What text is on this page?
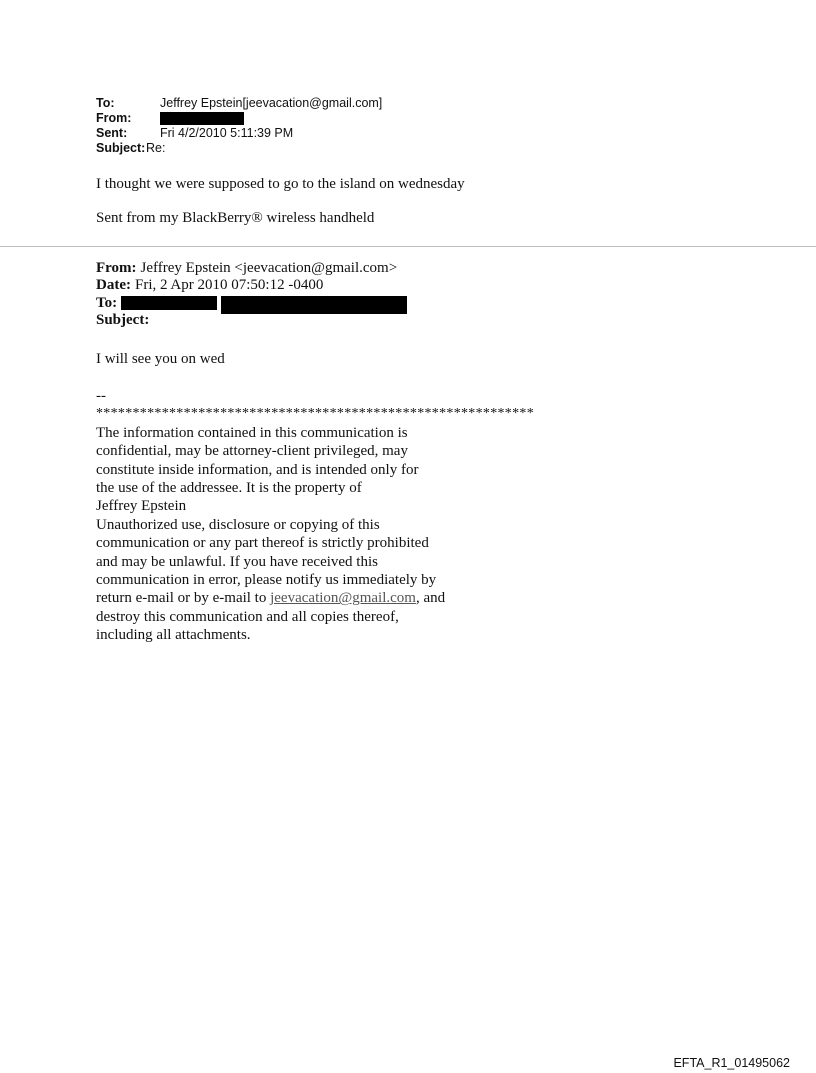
To:	Jeffrey Epstein[jeevacation@gmail.com]
From:
Sent:	Fri 4/2/2010 5:11:39 PM
Subject: Re:
I thought we were supposed to go to the island on wednesday
Sent from my BlackBerry® wireless handheld
From: Jeffrey Epstein <jeevacation@gmail.com>
Date: Fri, 2 Apr 2010 07:50:12 -0400
To:
Subject:
I will see you on wed
--
************************************************************
The information contained in this communication is
confidential, may be attorney-client privileged, may
constitute inside information, and is intended only for
the use of the addressee. It is the property of
Jeffrey Epstein
Unauthorized use, disclosure or copying of this
communication or any part thereof is strictly prohibited
and may be unlawful. If you have received this
communication in error, please notify us immediately by
return e-mail or by e-mail to jeevacation@gmail.com, and
destroy this communication and all copies thereof,
including all attachments.
EFTA_R1_01495062
